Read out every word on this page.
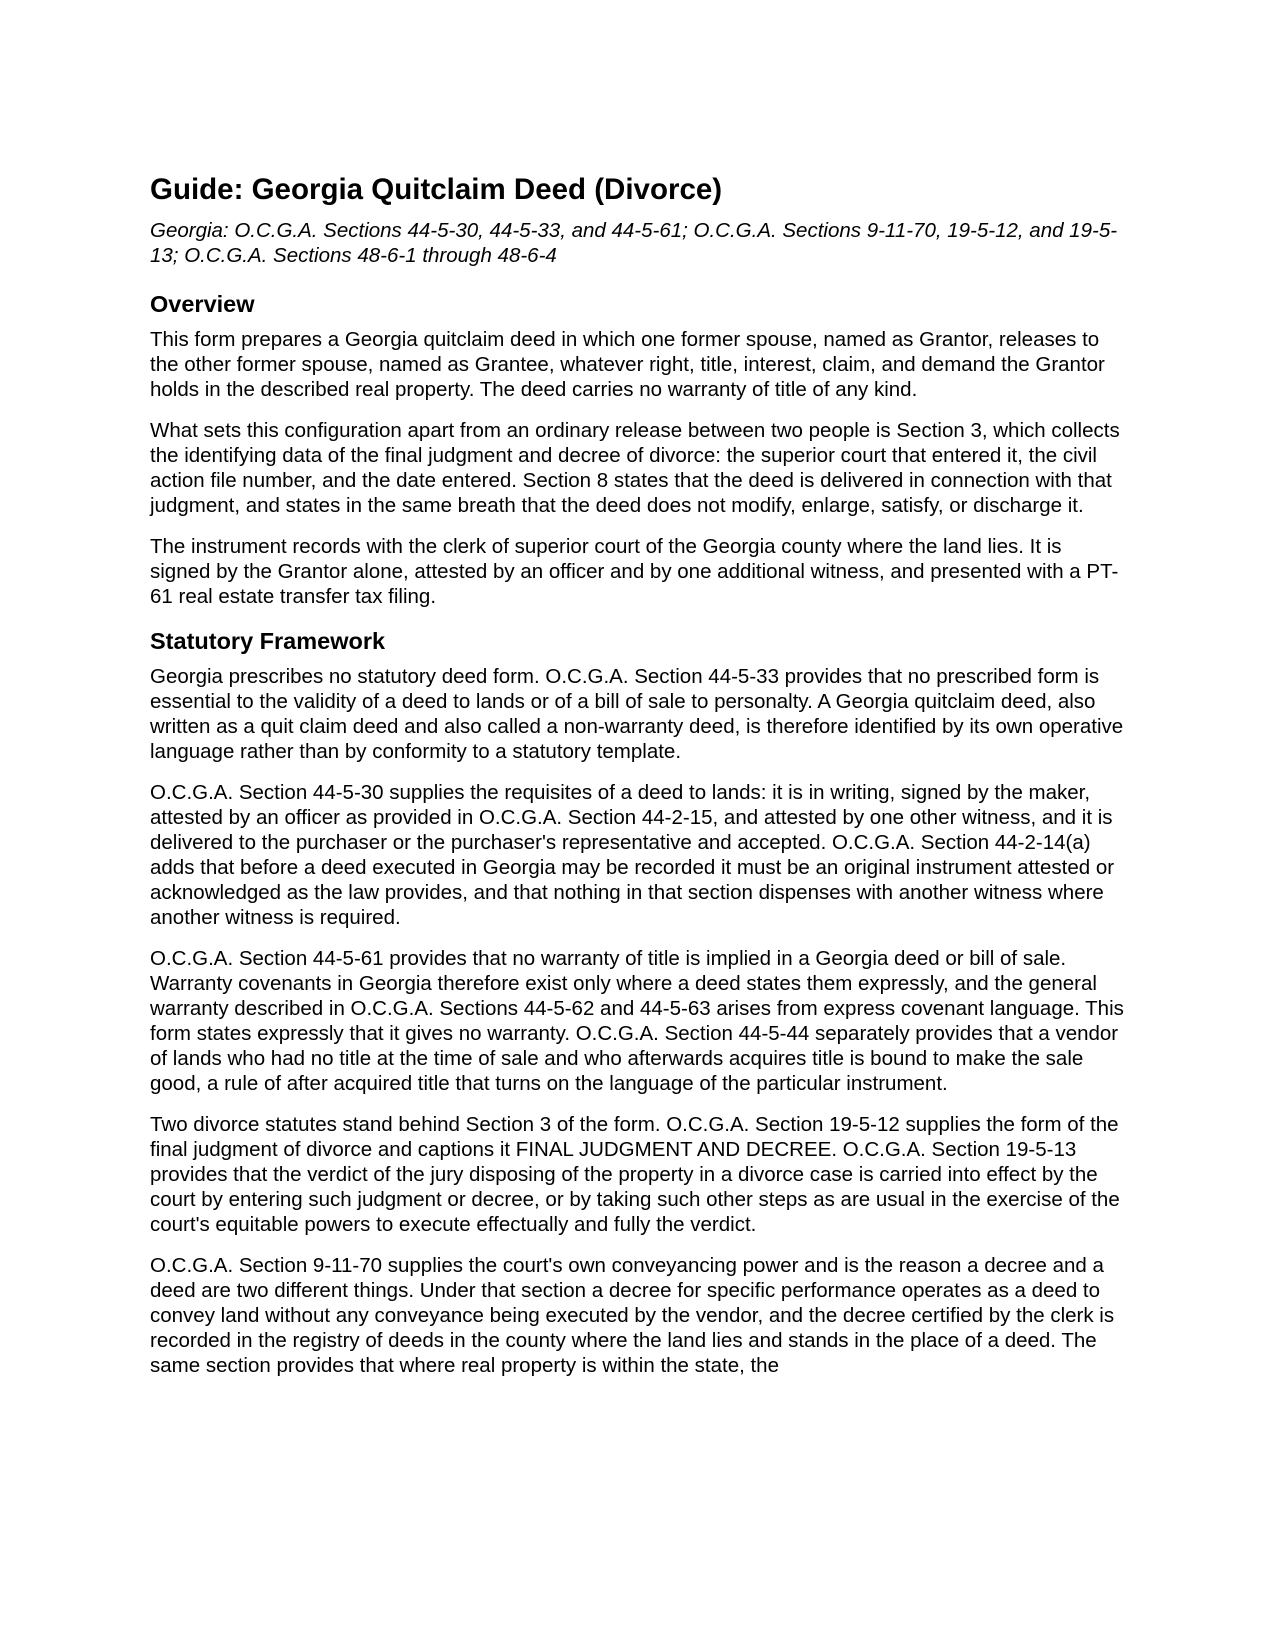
Guide: Georgia Quitclaim Deed (Divorce)

Georgia: O.C.G.A. Sections 44-5-30, 44-5-33, and 44-5-61; O.C.G.A. Sections 9-11-70, 19-5-12, and 19-5-13; O.C.G.A. Sections 48-6-1 through 48-6-4

Overview

This form prepares a Georgia quitclaim deed in which one former spouse, named as Grantor, releases to the other former spouse, named as Grantee, whatever right, title, interest, claim, and demand the Grantor holds in the described real property. The deed carries no warranty of title of any kind.

What sets this configuration apart from an ordinary release between two people is Section 3, which collects the identifying data of the final judgment and decree of divorce: the superior court that entered it, the civil action file number, and the date entered. Section 8 states that the deed is delivered in connection with that judgment, and states in the same breath that the deed does not modify, enlarge, satisfy, or discharge it.

The instrument records with the clerk of superior court of the Georgia county where the land lies. It is signed by the Grantor alone, attested by an officer and by one additional witness, and presented with a PT-61 real estate transfer tax filing.

Statutory Framework

Georgia prescribes no statutory deed form. O.C.G.A. Section 44-5-33 provides that no prescribed form is essential to the validity of a deed to lands or of a bill of sale to personalty. A Georgia quitclaim deed, also written as a quit claim deed and also called a non-warranty deed, is therefore identified by its own operative language rather than by conformity to a statutory template.

O.C.G.A. Section 44-5-30 supplies the requisites of a deed to lands: it is in writing, signed by the maker, attested by an officer as provided in O.C.G.A. Section 44-2-15, and attested by one other witness, and it is delivered to the purchaser or the purchaser's representative and accepted. O.C.G.A. Section 44-2-14(a) adds that before a deed executed in Georgia may be recorded it must be an original instrument attested or acknowledged as the law provides, and that nothing in that section dispenses with another witness where another witness is required.

O.C.G.A. Section 44-5-61 provides that no warranty of title is implied in a Georgia deed or bill of sale. Warranty covenants in Georgia therefore exist only where a deed states them expressly, and the general warranty described in O.C.G.A. Sections 44-5-62 and 44-5-63 arises from express covenant language. This form states expressly that it gives no warranty. O.C.G.A. Section 44-5-44 separately provides that a vendor of lands who had no title at the time of sale and who afterwards acquires title is bound to make the sale good, a rule of after acquired title that turns on the language of the particular instrument.

Two divorce statutes stand behind Section 3 of the form. O.C.G.A. Section 19-5-12 supplies the form of the final judgment of divorce and captions it FINAL JUDGMENT AND DECREE. O.C.G.A. Section 19-5-13 provides that the verdict of the jury disposing of the property in a divorce case is carried into effect by the court by entering such judgment or decree, or by taking such other steps as are usual in the exercise of the court's equitable powers to execute effectually and fully the verdict.

O.C.G.A. Section 9-11-70 supplies the court's own conveyancing power and is the reason a decree and a deed are two different things. Under that section a decree for specific performance operates as a deed to convey land without any conveyance being executed by the vendor, and the decree certified by the clerk is recorded in the registry of deeds in the county where the land lies and stands in the place of a deed. The same section provides that where real property is within the state, the
